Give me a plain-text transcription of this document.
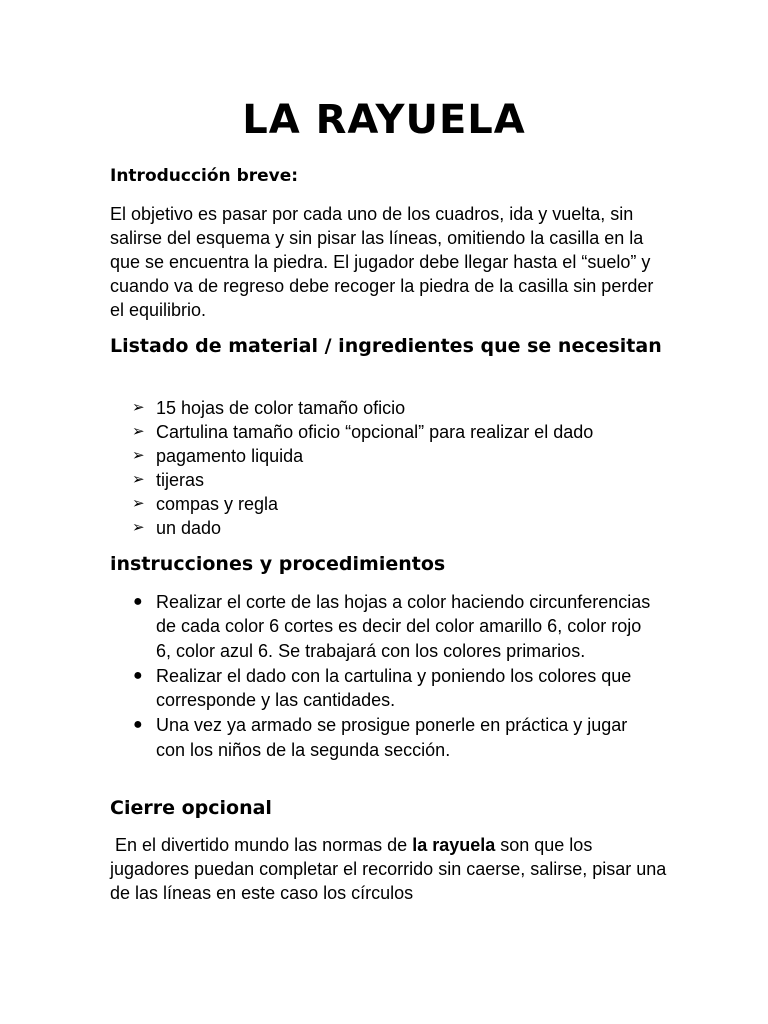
LA RAYUELA
Introducción breve:
El objetivo es pasar por cada uno de los cuadros, ida y vuelta, sin salirse del esquema y sin pisar las líneas, omitiendo la casilla en la que se encuentra la piedra. El jugador debe llegar hasta el “suelo” y cuando va de regreso debe recoger la piedra de la casilla sin perder el equilibrio.
Listado de material / ingredientes que se necesitan
➢ 15 hojas de color tamaño oficio
➢ Cartulina tamaño oficio “opcional” para realizar el dado
➢ pagamento liquida
➢ tijeras
➢ compas y regla
➢ un dado
instrucciones y procedimientos
● Realizar el corte de las hojas a color haciendo circunferencias de cada color 6 cortes es decir del color amarillo 6, color rojo 6, color azul 6. Se trabajará con los colores primarios.
● Realizar el dado con la cartulina y poniendo los colores que corresponde y las cantidades.
● Una vez ya armado se prosigue ponerle en práctica y jugar con los niños de la segunda sección.
Cierre opcional
En el divertido mundo las normas de la rayuela son que los jugadores puedan completar el recorrido sin caerse, salirse, pisar una de las líneas en este caso los círculos
